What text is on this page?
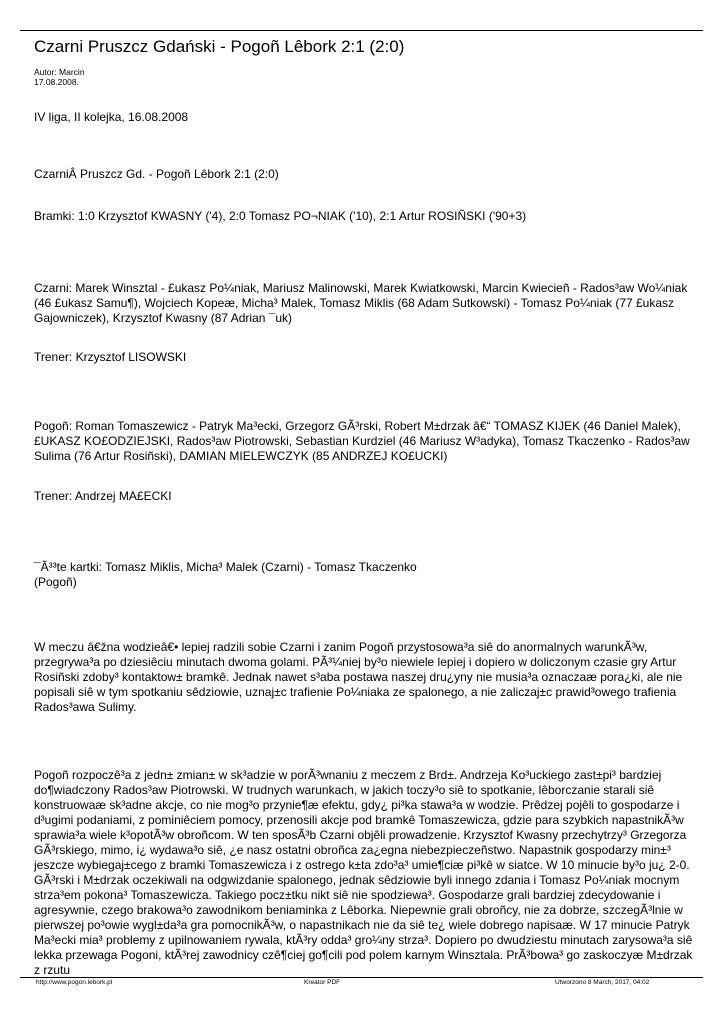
Czarni Pruszcz Gdański - Pogoñ Lêbork 2:1 (2:0)
Autor: Marcin
17.08.2008.
IV liga, II kolejka, 16.08.2008
CzarniÂ Pruszcz Gd. - Pogoñ Lêbork 2:1 (2:0)
Bramki: 1:0 Krzysztof KWASNY ('4), 2:0 Tomasz PO¬NIAK ('10), 2:1 Artur ROSIÑSKI ('90+3)
Czarni: Marek Winsztal - £ukasz Po¼niak, Mariusz Malinowski, Marek Kwiatkowski, Marcin Kwiecieñ - Rados³aw Wo¼niak (46 £ukasz Samu¶), Wojciech Kopeæ, Micha³ Malek, Tomasz Miklis (68 Adam Sutkowski) - Tomasz Po¼niak (77 £ukasz Gajowniczek), Krzysztof Kwasny (87 Adrian ¯uk)
Trener: Krzysztof LISOWSKI
Pogoñ: Roman Tomaszewicz - Patryk Ma³ecki, Grzegorz GÃ³rski, Robert M±drzak â€“ TOMASZ KIJEK (46 Daniel Malek), £UKASZ KO£ODZIEJSKI, Rados³aw Piotrowski, Sebastian Kurdziel (46 Mariusz W³adyka), Tomasz Tkaczenko - Rados³aw Sulima (76 Artur Rosiñski), DAMIAN MIELEWCZYK (85 ANDRZEJ KO£UCKI)
Trener: Andrzej MA£ECKI
¯Ã³³te kartki: Tomasz Miklis, Micha³ Malek (Czarni) - Tomasz Tkaczenko
(Pogoñ)
W meczu â€žna wodzieâ€• lepiej radzili sobie Czarni i zanim Pogoñ przystosowa³a siê do anormalnych warunkÃ³w, przegrywa³a po dziesiêciu minutach dwoma golami. PÃ³¼niej by³o niewiele lepiej i dopiero w doliczonym czasie gry Artur Rosiñski zdoby³ kontaktow± bramkê. Jednak nawet s³aba postawa naszej dru¿yny nie musia³a oznaczaæ pora¿ki, ale nie popisali siê w tym spotkaniu sêdziowie, uznaj±c trafienie Po¼niaka ze spalonego, a nie zaliczaj±c prawid³owego trafienia Rados³awa Sulimy.
Pogoñ rozpoczê³a z jedn± zmian± w sk³adzie w porÃ³wnaniu z meczem z Brd±. Andrzeja Ko³uckiego zast±pi³ bardziej do¶wiadczony Rados³aw Piotrowski. W trudnych warunkach, w jakich toczy³o siê to spotkanie, lêborczanie starali siê konstruowaæ sk³adne akcje, co nie mog³o przynie¶æ efektu, gdy¿ pi³ka stawa³a w wodzie. Prêdzej pojêli to gospodarze i d³ugimi podaniami, z pominiêciem pomocy, przenosili akcje pod bramkê Tomaszewicza, gdzie para szybkich napastnikÃ³w sprawia³a wiele k³opotÃ³w obroñcom. W ten sposÃ³b Czarni objêli prowadzenie. Krzysztof Kwasny przechytrzy³ Grzegorza GÃ³rskiego, mimo, i¿ wydawa³o siê, ¿e nasz ostatni obroñca za¿egna niebezpieczeñstwo. Napastnik gospodarzy min±³ jeszcze wybiegaj±cego z bramki Tomaszewicza i z ostrego k±ta zdo³a³ umie¶ciæ pi³kê w siatce. W 10 minucie by³o ju¿ 2-0. GÃ³rski i M±drzak oczekiwali na odgwizdanie spalonego, jednak sêdziowie byli innego zdania i Tomasz Po¼niak mocnym strza³em pokona³ Tomaszewicza. Takiego pocz±tku nikt siê nie spodziewa³. Gospodarze grali bardziej zdecydowanie i agresywnie, czego brakowa³o zawodnikom beniaminka z Lêborka. Niepewnie grali obroñcy, nie za dobrze, szczegÃ³lnie w pierwszej po³owie wygl±da³a gra pomocnikÃ³w, o napastnikach nie da siê te¿ wiele dobrego napisaæ. W 17 minucie Patryk Ma³ecki mia³ problemy z upilnowaniem rywala, ktÃ³ry odda³ gro¼ny strza³. Dopiero po dwudziestu minutach zarysowa³a siê lekka przewaga Pogoni, ktÃ³rej zawodnicy czê¶ciej go¶cili pod polem karnym Winsztala. PrÃ³bowa³ go zaskoczyæ M±drzak z rzutu
http://www.pogon.lebork.pl	Kreator PDF	Utworzono 8 March, 2017, 04:02
